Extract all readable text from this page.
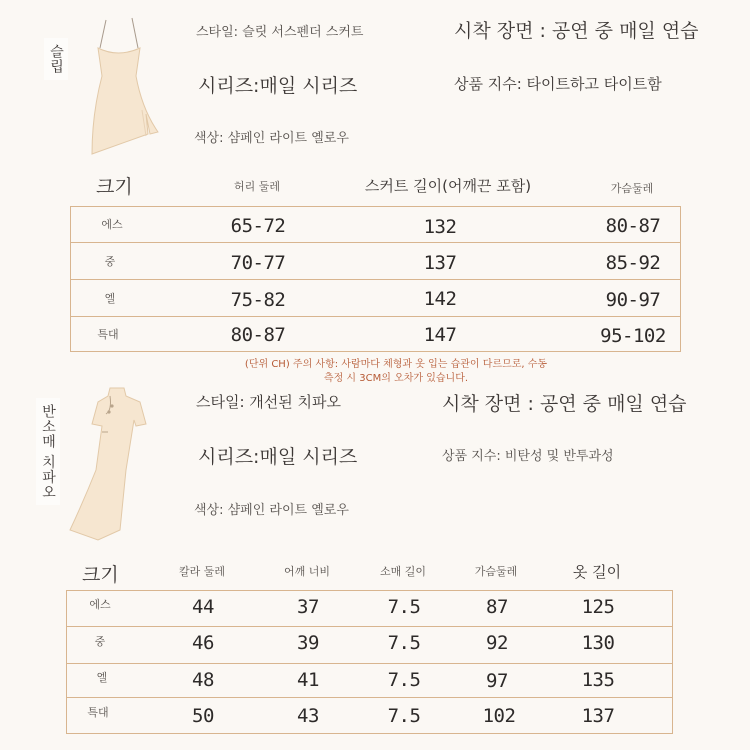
슬립
스타일: 슬릿 서스펜더 스커트	시착 장면 : 공연 중 매일 연습
시리즈:매일 시리즈	상품 지수: 타이트하고 타이트함
색상: 샴페인 라이트 옐로우
크기	허리 둘레	스커트 길이(어깨끈 포함)	가슴둘레
에스	65-72	132	80-87
중	70-77	137	85-92
엘	75-82	142	90-97
특대	80-87	147	95-102
(단위 CH) 주의 사항: 사람마다 체형과 옷 입는 습관이 다르므로, 수동
측정 시 3CM의 오차가 있습니다.
반소매 치파오
스타일: 개선된 치파오	시착 장면 : 공연 중 매일 연습
시리즈:매일 시리즈	상품 지수: 비탄성 및 반투과성
색상: 샴페인 라이트 옐로우
크기	칼라 둘레	어깨 너비	소매 길이	가슴둘레	옷 길이
에스	44	37	7.5	87	125
중	46	39	7.5	92	130
엘	48	41	7.5	97	135
특대	50	43	7.5	102	137
